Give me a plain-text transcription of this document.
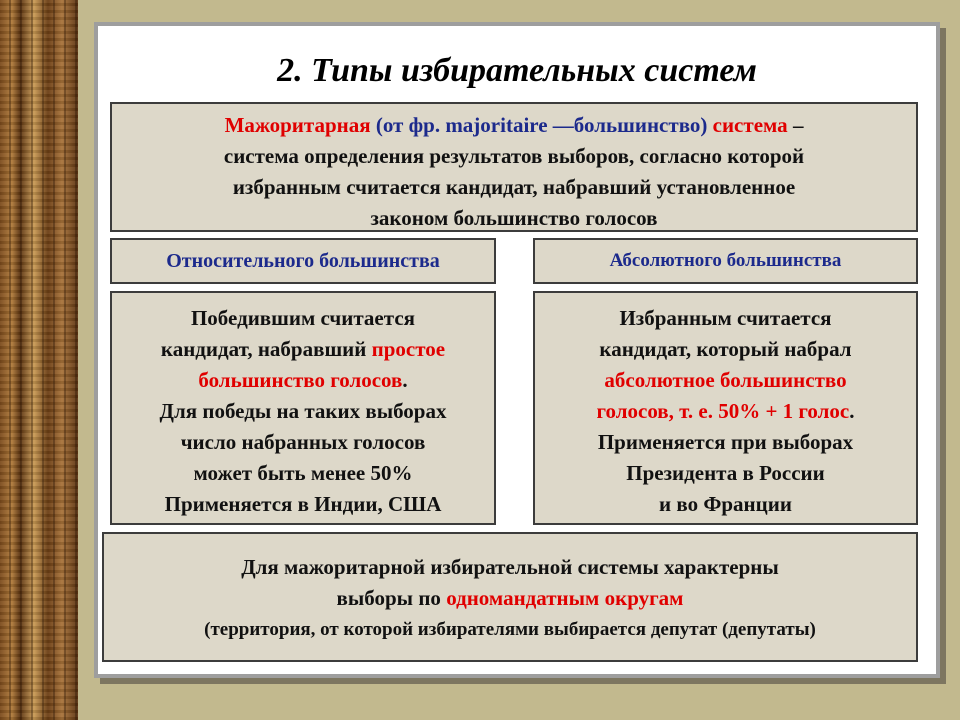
2. Типы избирательных систем
Мажоритарная (от фр. majoritaire —большинство) система –
система определения результатов выборов, согласно которой
избранным считается кандидат, набравший установленное
законом большинство голосов
Относительного большинства	Абсолютного большинства
Победившим считается
кандидат, набравший простое
большинство голосов.
Для победы на таких выборах
число набранных голосов
может быть менее 50%
Применяется в Индии, США
Избранным считается
кандидат, который набрал
абсолютное большинство
голосов, т. е. 50% + 1 голос.
Применяется при выборах
Президента в России
и во Франции
Для мажоритарной избирательной системы характерны
выборы по одномандатным округам
(территория, от которой избирателями выбирается депутат (депутаты)
